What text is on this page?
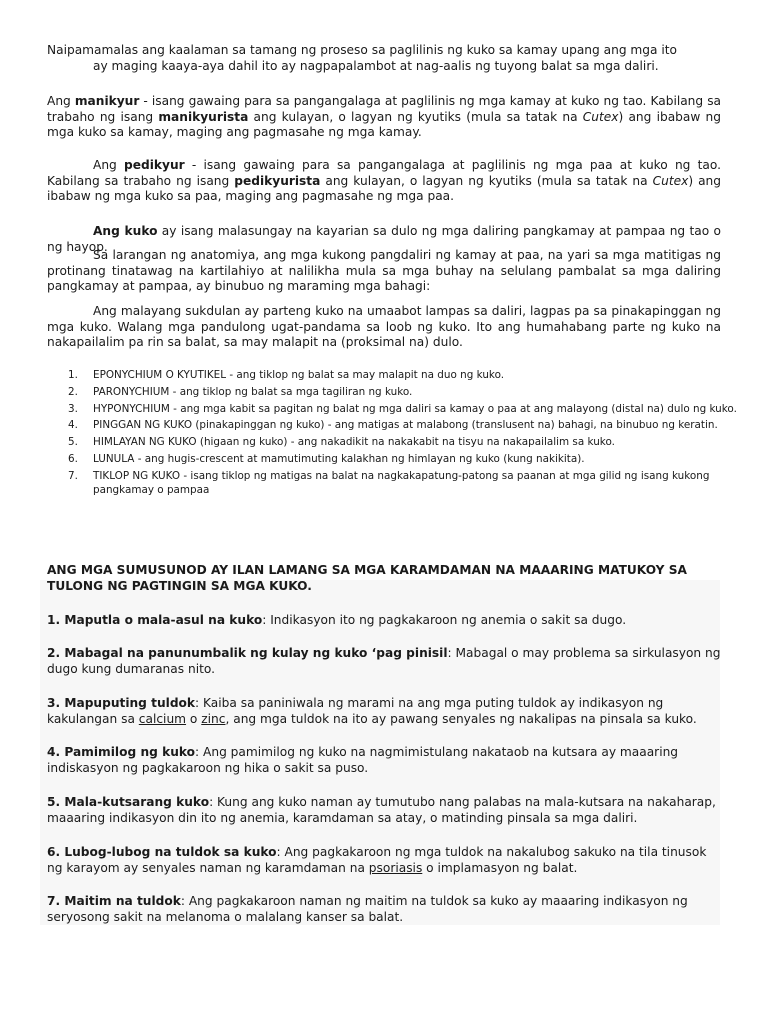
Naipamamalas ang kaalaman sa tamang ng proseso sa paglilinis ng kuko sa kamay upang ang mga ito
ay maging kaaya-aya dahil ito ay nagpapalambot at nag-aalis ng tuyong balat sa mga daliri.

Ang manikyur - isang gawaing para sa pangangalaga at paglilinis ng mga kamay at kuko ng tao. Kabilang sa trabaho ng isang manikyurista ang kulayan, o lagyan ng kyutiks (mula sa tatak na Cutex) ang ibabaw ng mga kuko sa kamay, maging ang pagmasahe ng mga kamay.

Ang pedikyur - isang gawaing para sa pangangalaga at paglilinis ng mga paa at kuko ng tao. Kabilang sa trabaho ng isang pedikyurista ang kulayan, o lagyan ng kyutiks (mula sa tatak na Cutex) ang ibabaw ng mga kuko sa paa, maging ang pagmasahe ng mga paa.

Ang kuko ay isang malasungay na kayarian sa dulo ng mga daliring pangkamay at pampaa ng tao o ng hayop.

Sa larangan ng anatomiya, ang mga kukong pangdaliri ng kamay at paa, na yari sa mga matitigas ng protinang tinatawag na kartilahiyo at nalilikha mula sa mga buhay na selulang pambalat sa mga daliring pangkamay at pampaa, ay binubuo ng maraming mga bahagi:

Ang malayang sukdulan ay parteng kuko na umaabot lampas sa daliri, lagpas pa sa pinakapinggan ng mga kuko. Walang mga pandulong ugat-pandama sa loob ng kuko. Ito ang humahabang parte ng kuko na nakapailalim pa rin sa balat, sa may malapit na (proksimal na) dulo.

1. EPONYCHIUM O KYUTIKEL - ang tiklop ng balat sa may malapit na duo ng kuko.
2. PARONYCHIUM - ang tiklop ng balat sa mga tagiliran ng kuko.
3. HYPONYCHIUM - ang mga kabit sa pagitan ng balat ng mga daliri sa kamay o paa at ang malayong (distal na) dulo ng kuko.
4. PINGGAN NG KUKO (pinakapinggan ng kuko) - ang matigas at malabong (translusent na) bahagi, na binubuo ng keratin.
5. HIMLAYAN NG KUKO (higaan ng kuko) - ang nakadikit na nakakabit na tisyu na nakapailalim sa kuko.
6. LUNULA - ang hugis-crescent at mamutimuting kalakhan ng himlayan ng kuko (kung nakikita).
7. TIKLOP NG KUKO - isang tiklop ng matigas na balat na nagkakapatung-patong sa paanan at mga gilid ng isang kukong pangkamay o pampaa

ANG MGA SUMUSUNOD AY ILAN LAMANG SA MGA KARAMDAMAN NA MAAARING MATUKOY SA TULONG NG PAGTINGIN SA MGA KUKO.

1. Maputla o mala-asul na kuko: Indikasyon ito ng pagkakaroon ng anemia o sakit sa dugo.

2. Mabagal na panunumbalik ng kulay ng kuko ‘pag pinisil: Mabagal o may problema sa sirkulasyon ng dugo kung dumaranas nito.

3. Mapuputing tuldok: Kaiba sa paniniwala ng marami na ang mga puting tuldok ay indikasyon ng kakulangan sa calcium o zinc, ang mga tuldok na ito ay pawang senyales ng nakalipas na pinsala sa kuko.

4. Pamimilog ng kuko: Ang pamimilog ng kuko na nagmimistulang nakataob na kutsara ay maaaring indiskasyon ng pagkakaroon ng hika o sakit sa puso.

5. Mala-kutsarang kuko: Kung ang kuko naman ay tumutubo nang palabas na mala-kutsara na nakaharap, maaaring indikasyon din ito ng anemia, karamdaman sa atay, o matinding pinsala sa mga daliri.

6. Lubog-lubog na tuldok sa kuko: Ang pagkakaroon ng mga tuldok na nakalubog sakuko na tila tinusok ng karayom ay senyales naman ng karamdaman na psoriasis o implamasyon ng balat.

7. Maitim na tuldok: Ang pagkakaroon naman ng maitim na tuldok sa kuko ay maaaring indikasyon ng seryosong sakit na melanoma o malalang kanser sa balat.
